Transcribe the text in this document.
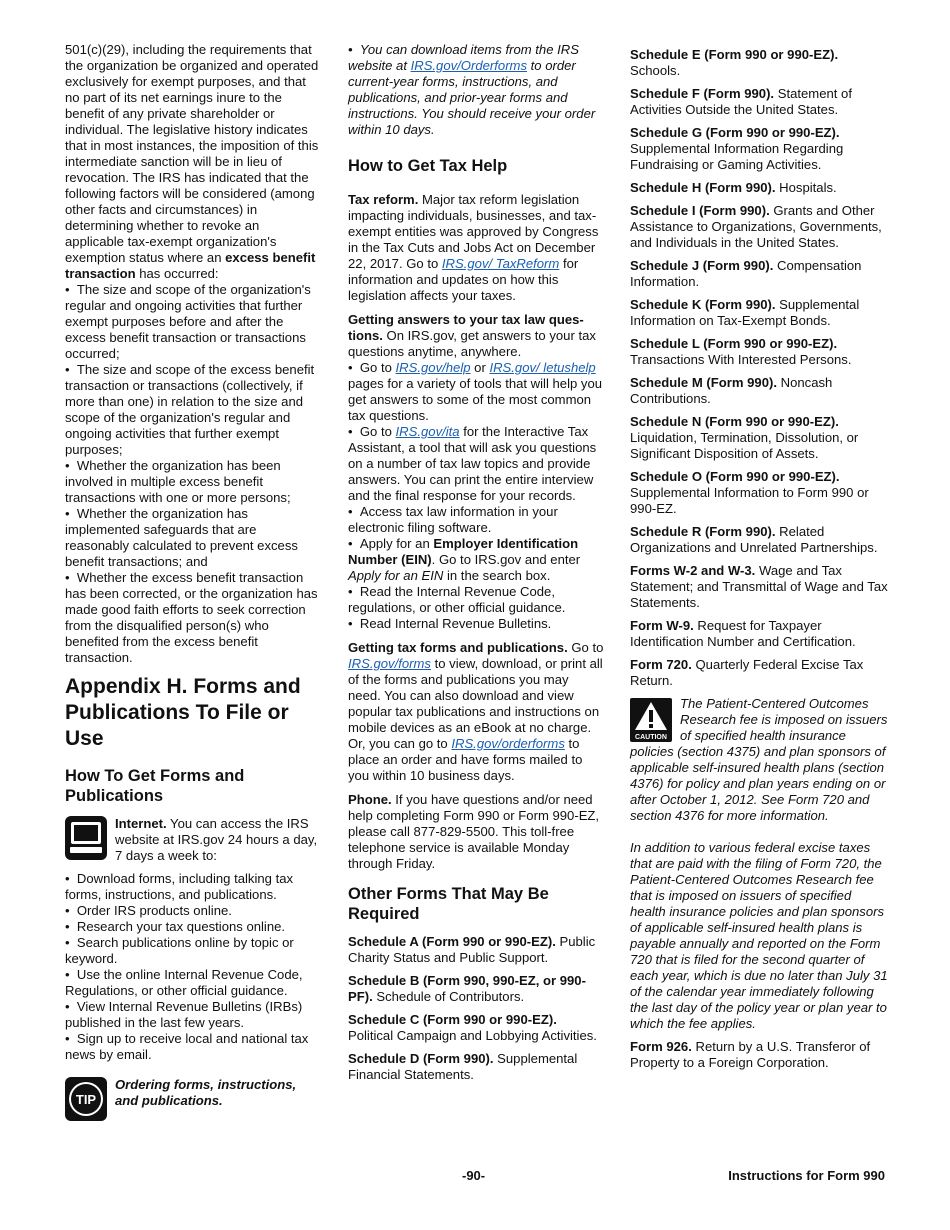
501(c)(29), including the requirements that the organization be organized and operated exclusively for exempt purposes, and that no part of its net earnings inure to the benefit of any private shareholder or individual. The legislative history indicates that in most instances, the imposition of this intermediate sanction will be in lieu of revocation. The IRS has indicated that the following factors will be considered (among other facts and circumstances) in determining whether to revoke an applicable tax-exempt organization's exemption status where an excess benefit transaction has occurred:

•  The size and scope of the organization's regular and ongoing activities that further exempt purposes before and after the excess benefit transaction or transactions occurred;

•  The size and scope of the excess benefit transaction or transactions (collectively, if more than one) in relation to the size and scope of the organization's regular and ongoing activities that further exempt purposes;

•  Whether the organization has been involved in multiple excess benefit transactions with one or more persons;

•  Whether the organization has implemented safeguards that are reasonably calculated to prevent excess benefit transactions; and

•  Whether the excess benefit transaction has been corrected, or the organization has made good faith efforts to seek correction from the disqualified person(s) who benefited from the excess benefit transaction.

Appendix H. Forms and Publications To File or Use
How To Get Forms and Publications

Internet. You can access the IRS website at IRS.gov 24 hours a day, 7 days a week to:

•  Download forms, including talking tax forms, instructions, and publications.

•  Order IRS products online.

•  Research your tax questions online.

•  Search publications online by topic or keyword.

•  Use the online Internal Revenue Code, Regulations, or other official guidance.

•  View Internal Revenue Bulletins (IRBs) published in the last few years.

•  Sign up to receive local and national tax news by email.

TIP

Ordering forms, instructions, and publications.

•  You can download items from the IRS website at IRS.gov/Orderforms to order current-year forms, instructions, and publications, and prior-year forms and instructions. You should receive your order within 10 days.

How to Get Tax Help

Tax reform. Major tax reform legislation impacting individuals, businesses, and tax-exempt entities was approved by Congress in the Tax Cuts and Jobs Act on December 22, 2017. Go to IRS.gov/ TaxReform for information and updates on how this legislation affects your taxes.

Getting answers to your tax law ques-tions. On IRS.gov, get answers to your tax questions anytime, anywhere.

•  Go to IRS.gov/help or IRS.gov/ letushelp pages for a variety of tools that will help you get answers to some of the most common tax questions.

•  Go to IRS.gov/ita for the Interactive Tax Assistant, a tool that will ask you questions on a number of tax law topics and provide answers. You can print the entire interview and the final response for your records.

•  Access tax law information in your electronic filing software.

•  Apply for an Employer Identification Number (EIN). Go to IRS.gov and enter Apply for an EIN in the search box.

•  Read the Internal Revenue Code, regulations, or other official guidance.

•  Read Internal Revenue Bulletins.

Getting tax forms and publications. Go to IRS.gov/forms to view, download, or print all of the forms and publications you may need. You can also download and view popular tax publications and instructions on mobile devices as an eBook at no charge. Or, you can go to IRS.gov/orderforms to place an order and have forms mailed to you within 10 business days.

Phone. If you have questions and/or need help completing Form 990 or Form 990-EZ, please call 877-829-5500. This toll-free telephone service is available Monday through Friday.

Other Forms That May Be Required

Schedule A (Form 990 or 990-EZ). Public Charity Status and Public Support.

Schedule B (Form 990, 990-EZ, or 990-PF). Schedule of Contributors.

Schedule C (Form 990 or 990-EZ). Political Campaign and Lobbying Activities.

Schedule D (Form 990). Supplemental Financial Statements.

Schedule E (Form 990 or 990-EZ). Schools.

Schedule F (Form 990). Statement of Activities Outside the United States.

Schedule G (Form 990 or 990-EZ). Supplemental Information Regarding Fundraising or Gaming Activities.

Schedule H (Form 990). Hospitals.

Schedule I (Form 990). Grants and Other Assistance to Organizations, Governments, and Individuals in the United States.

Schedule J (Form 990). Compensation Information.

Schedule K (Form 990). Supplemental Information on Tax-Exempt Bonds.

Schedule L (Form 990 or 990-EZ). Transactions With Interested Persons.

Schedule M (Form 990). Noncash Contributions.

Schedule N (Form 990 or 990-EZ). Liquidation, Termination, Dissolution, or Significant Disposition of Assets.

Schedule O (Form 990 or 990-EZ). Supplemental Information to Form 990 or 990-EZ.

Schedule R (Form 990). Related Organizations and Unrelated Partnerships.

Forms W-2 and W-3. Wage and Tax Statement; and Transmittal of Wage and Tax Statements.

Form W-9. Request for Taxpayer Identification Number and Certification.

Form 720. Quarterly Federal Excise Tax Return.

CAUTION

The Patient-Centered Outcomes Research fee is imposed on issuers of specified health insurance policies (section 4375) and plan sponsors of applicable self-insured health plans (section 4376) for policy and plan years ending on or after October 1, 2012. See Form 720 and section 4376 for more information.

In addition to various federal excise taxes that are paid with the filing of Form 720, the Patient-Centered Outcomes Research fee that is imposed on issuers of specified health insurance policies and plan sponsors of applicable self-insured health plans is payable annually and reported on the Form 720 that is filed for the second quarter of each year, which is due no later than July 31 of the calendar year immediately following the last day of the policy year or plan year to which the fee applies.

Form 926. Return by a U.S. Transferor of Property to a Foreign Corporation.

-90-	Instructions for Form 990
